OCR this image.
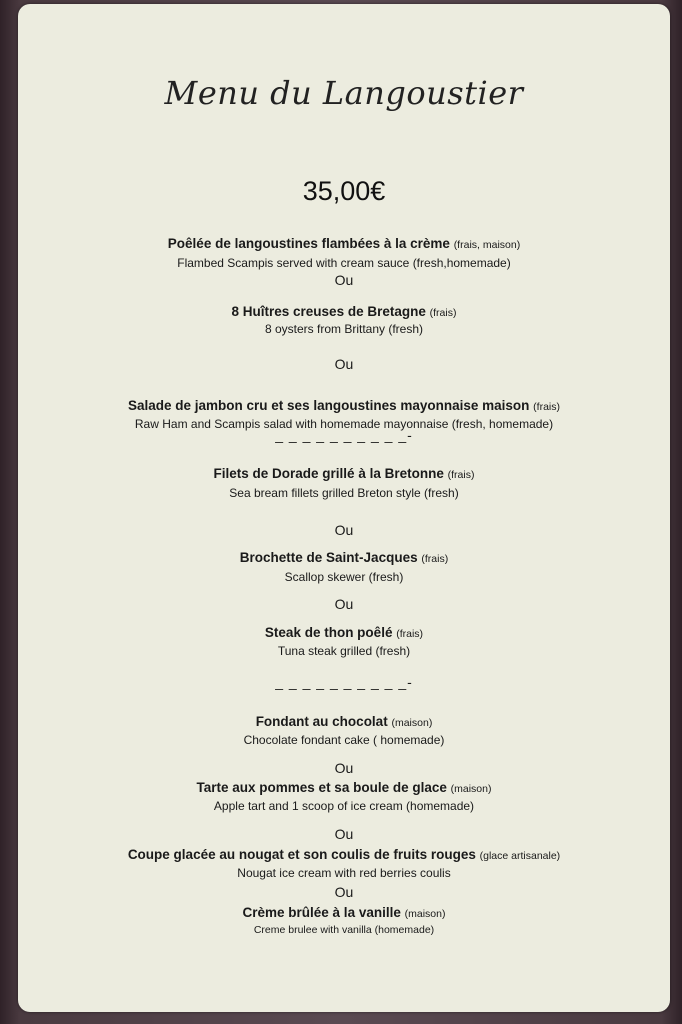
Menu du Langoustier
35,00€
Poêlée de langoustines flambées à la crème (frais, maison)
Flambed Scampis served with cream sauce (fresh,homemade)
Ou
8 Huîtres creuses de Bretagne (frais)
8 oysters from Brittany (fresh)
Ou
Salade de jambon cru et ses langoustines mayonnaise maison (frais)
Raw Ham and Scampis salad with homemade mayonnaise (fresh, homemade)
_ _ _ _ _ _ _ _ _ _-
Filets de Dorade grillé à la Bretonne (frais)
Sea bream fillets grilled Breton style (fresh)
Ou
Brochette de Saint-Jacques (frais)
Scallop skewer (fresh)
Ou
Steak de thon poêlé (frais)
Tuna steak grilled (fresh)
_ _ _ _ _ _ _ _ _ _-
Fondant au chocolat (maison)
Chocolate fondant cake ( homemade)
Ou
Tarte aux pommes et sa boule de glace (maison)
Apple tart and 1 scoop of ice cream (homemade)
Ou
Coupe glacée au nougat et son coulis de fruits rouges (glace artisanale)
Nougat ice cream with red berries coulis
Ou
Crème brûlée à la vanille (maison)
Creme brulee with vanilla (homemade)
